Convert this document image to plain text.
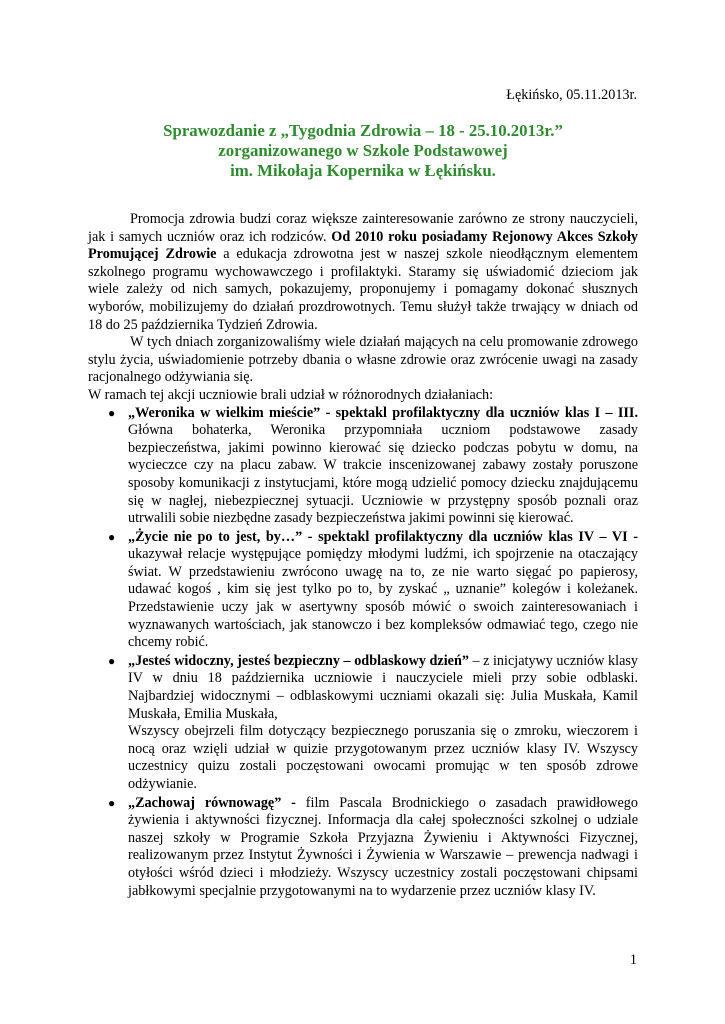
Łękińsko, 05.11.2013r.
Sprawozdanie z „Tygodnia Zdrowia – 18 - 25.10.2013r.”
zorganizowanego w Szkole Podstawowej
im. Mikołaja Kopernika w Łękińsku.

Promocja zdrowia budzi coraz większe zainteresowanie zarówno ze strony nauczycieli, jak i samych uczniów oraz ich rodziców. Od 2010 roku posiadamy Rejonowy Akces Szkoły Promującej Zdrowie a edukacja zdrowotna jest w naszej szkole nieodłącznym elementem szkolnego programu wychowawczego i profilaktyki. Staramy się uświadomić dzieciom jak wiele zależy od nich samych, pokazujemy, proponujemy i pomagamy dokonać słusznych wyborów, mobilizujemy do działań prozdrowotnych. Temu służył także trwający w dniach od 18 do 25 października Tydzień Zdrowia.

W tych dniach zorganizowaliśmy wiele działań mających na celu promowanie zdrowego stylu życia, uświadomienie potrzeby dbania o własne zdrowie oraz zwrócenie uwagi na zasady racjonalnego odżywiania się.

W ramach tej akcji uczniowie brali udział w różnorodnych działaniach:

● „Weronika w wielkim mieście” - spektakl profilaktyczny dla uczniów klas I – III. Główna bohaterka, Weronika przypomniała uczniom podstawowe zasady bezpieczeństwa, jakimi powinno kierować się dziecko podczas pobytu w domu, na wycieczce czy na placu zabaw. W trakcie inscenizowanej zabawy zostały poruszone sposoby komunikacji z instytucjami, które mogą udzielić pomocy dziecku znajdującemu się w nagłej, niebezpiecznej sytuacji. Uczniowie w przystępny sposób poznali oraz utrwalili sobie niezbędne zasady bezpieczeństwa jakimi powinni się kierować.
● „Życie nie po to jest, by…” - spektakl profilaktyczny dla uczniów klas IV – VI - ukazywał relacje występujące pomiędzy młodymi ludźmi, ich spojrzenie na otaczający świat. W przedstawieniu zwrócono uwagę na to, ze nie warto sięgać po papierosy, udawać kogoś , kim się jest tylko po to, by zyskać „ uznanie” kolegów i koleżanek. Przedstawienie uczy jak w asertywny sposób mówić o swoich zainteresowaniach i wyznawanych wartościach, jak stanowczo i bez kompleksów odmawiać tego, czego nie chcemy robić.
● „Jesteś widoczny, jesteś bezpieczny – odblaskowy dzień” – z inicjatywy uczniów klasy IV w dniu 18 października uczniowie i nauczyciele mieli przy sobie odblaski. Najbardziej widocznymi – odblaskowymi uczniami okazali się: Julia Muskała, Kamil Muskała, Emilia Muskała,
Wszyscy obejrzeli film dotyczący bezpiecznego poruszania się o zmroku, wieczorem i nocą oraz wzięli udział w quizie przygotowanym przez uczniów klasy IV. Wszyscy uczestnicy quizu zostali poczęstowani owocami promując w ten sposób zdrowe odżywianie.
● „Zachowaj równowagę” - film Pascala Brodnickiego o zasadach prawidłowego żywienia i aktywności fizycznej. Informacja dla całej społeczności szkolnej o udziale naszej szkoły w Programie Szkoła Przyjazna Żywieniu i Aktywności Fizycznej, realizowanym przez Instytut Żywności i Żywienia w Warszawie – prewencja nadwagi i otyłości wśród dzieci i młodzieży. Wszyscy uczestnicy zostali poczęstowani chipsami jabłkowymi specjalnie przygotowanymi na to wydarzenie przez uczniów klasy IV.
1
